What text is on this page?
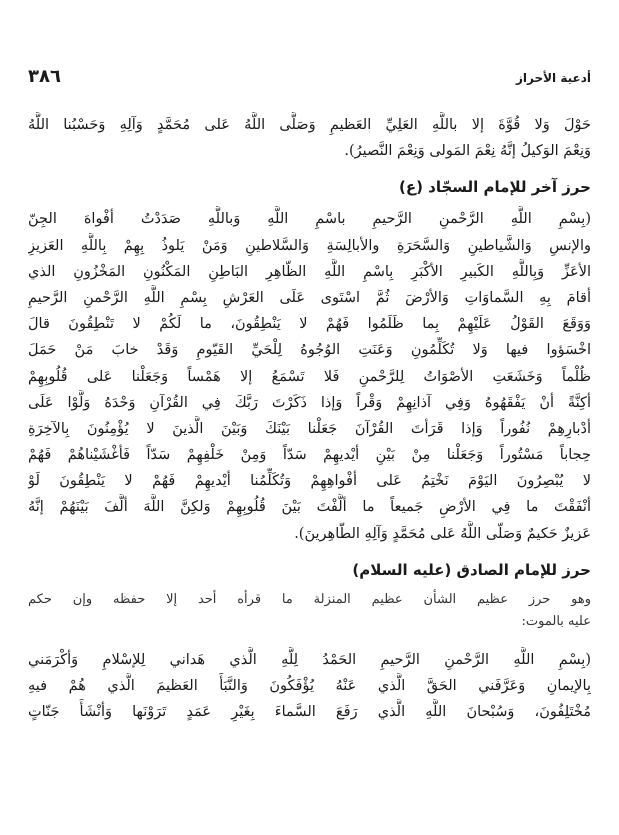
٣٨٦	أدعية الأحراز
حَوْلَ وَلا قُوَّةَ إلا باللَّهِ العَلِيِّ العَظيمِ وَصَلَّى اللَّهُ عَلى مُحَمَّدٍ وَآلِهِ وَحَسْبُنا اللَّهُ
وَنِعْمَ الوَكيلُ إنَّهُ نِعْمَ المَولى وَنِعْمَ النَّصيرُ).
حرز آخر للإمام السجّاد (ع)
(بِسْمِ اللَّهِ الرَّحْمنِ الرَّحيمِ باسْمِ اللَّهِ وَباللَّهِ صَدَدْتُ أفْواهَ الجِنّ
والإنسِ وَالشَّياطينِ وَالسَّحَرَةِ والأبالِسَةِ وَالسَّلاطينِ وَمَنْ يَلوذُ بِهِمْ بِاللَّهِ العَزيزِ
الأعَزِّ وَبِاللَّهِ الكَبيرِ الأكْبَرِ بِاسْمِ اللَّهِ الظّاهِرِ البَاطِنِ المَكْنُونِ المَخْزُونِ الذي
أقامَ بِهِ السَّماوَاتِ وَالأرْضَ ثُمَّ اسْتَوى عَلَى العَرْشِ بِسْمِ اللَّهِ الرَّحْمنِ الرَّحيمِ
وَوَقَعَ القَوْلُ عَلَيْهِمْ بِما ظَلَمُوا فَهُمْ لا يَنْطِقُونَ، ما لَكُمْ لا تَنْطِقُونَ قالَ
اخْسَؤوا فيها وَلا تُكَلِّمُونِ وَعَنَتِ الوُجُوهُ لِلْحَيِّ القَيّومِ وَقَدْ خابَ مَنْ حَمَلَ
ظُلْماً وَخَشَعَتِ الأصْوَاتُ لِلرَّحْمنِ فَلا تَسْمَعُ إلا هَمْساً وَجَعَلْنا عَلى قُلُوبِهِمْ
أكِنَّةً أنْ يَفْقَهُوهُ وَفِي آذانِهِمْ وَقْراً وَإذا ذَكَرْتَ رَبَّكَ فِي القُرْآنِ وَحْدَهُ وَلَّوْا عَلَى
أدْبارِهِمْ نُفُوراً وَإذا قَرَأتَ القُرْآنَ جَعَلْنا بَيْنَكَ وَبَيْنَ الَّذينَ لا يُؤْمِنُونَ بِالآخِرَةِ
حِجاباً مَسْتُوراً وَجَعَلْنا مِنْ بَيْنِ أيْديهِمْ سَدّاً وَمِنْ خَلْفِهِمْ سَدّاً فَأغْشَيْناهُمْ فَهُمْ
لا يُبْصِرُونَ اليَوْمَ نَخْتِمُ عَلى أفْواهِهِمْ وَتُكَلِّمُنا أيْديهِمْ فَهُمْ لا يَنْطِقُونَ لَوْ
أنْفَقْتَ ما فِي الأرْضِ جَميعاً ما ألَّفْتَ بَيْنَ قُلُوبِهِمْ وَلكِنَّ اللَّهَ ألَّفَ بَيْنَهُمْ إنَّهُ
عَزيزٌ حَكيمٌ وَصَلّى اللَّهُ عَلى مُحَمَّدٍ وَآلِهِ الطّاهِرينَ).
حرز للإمام الصادق (عليه السلام)
وهو حرز عظيم الشأن عظيم المنزلة ما قرأه أحد إلا حفظه وإن حكم
عليه بالموت:
(بِسْمِ اللَّهِ الرَّحْمنِ الرَّحيمِ الحَمْدُ لِلَّهِ الَّذي هَداني لِلإسْلامِ وَأكْرَمَني
بِالإيمانِ وَعَرَّفَني الحَقَّ الَّذي عَنْهُ يُؤْفَكُونَ وَالنَّبَأَ العَظيمَ الَّذي هُمْ فيهِ
مُخْتَلِفُونَ، وَسُبْحانَ اللَّهِ الَّذي رَفَعَ السَّماءَ بِغَيْرِ عَمَدٍ تَرَوْنَها وَأنْشَأَ جَنّاتٍ
